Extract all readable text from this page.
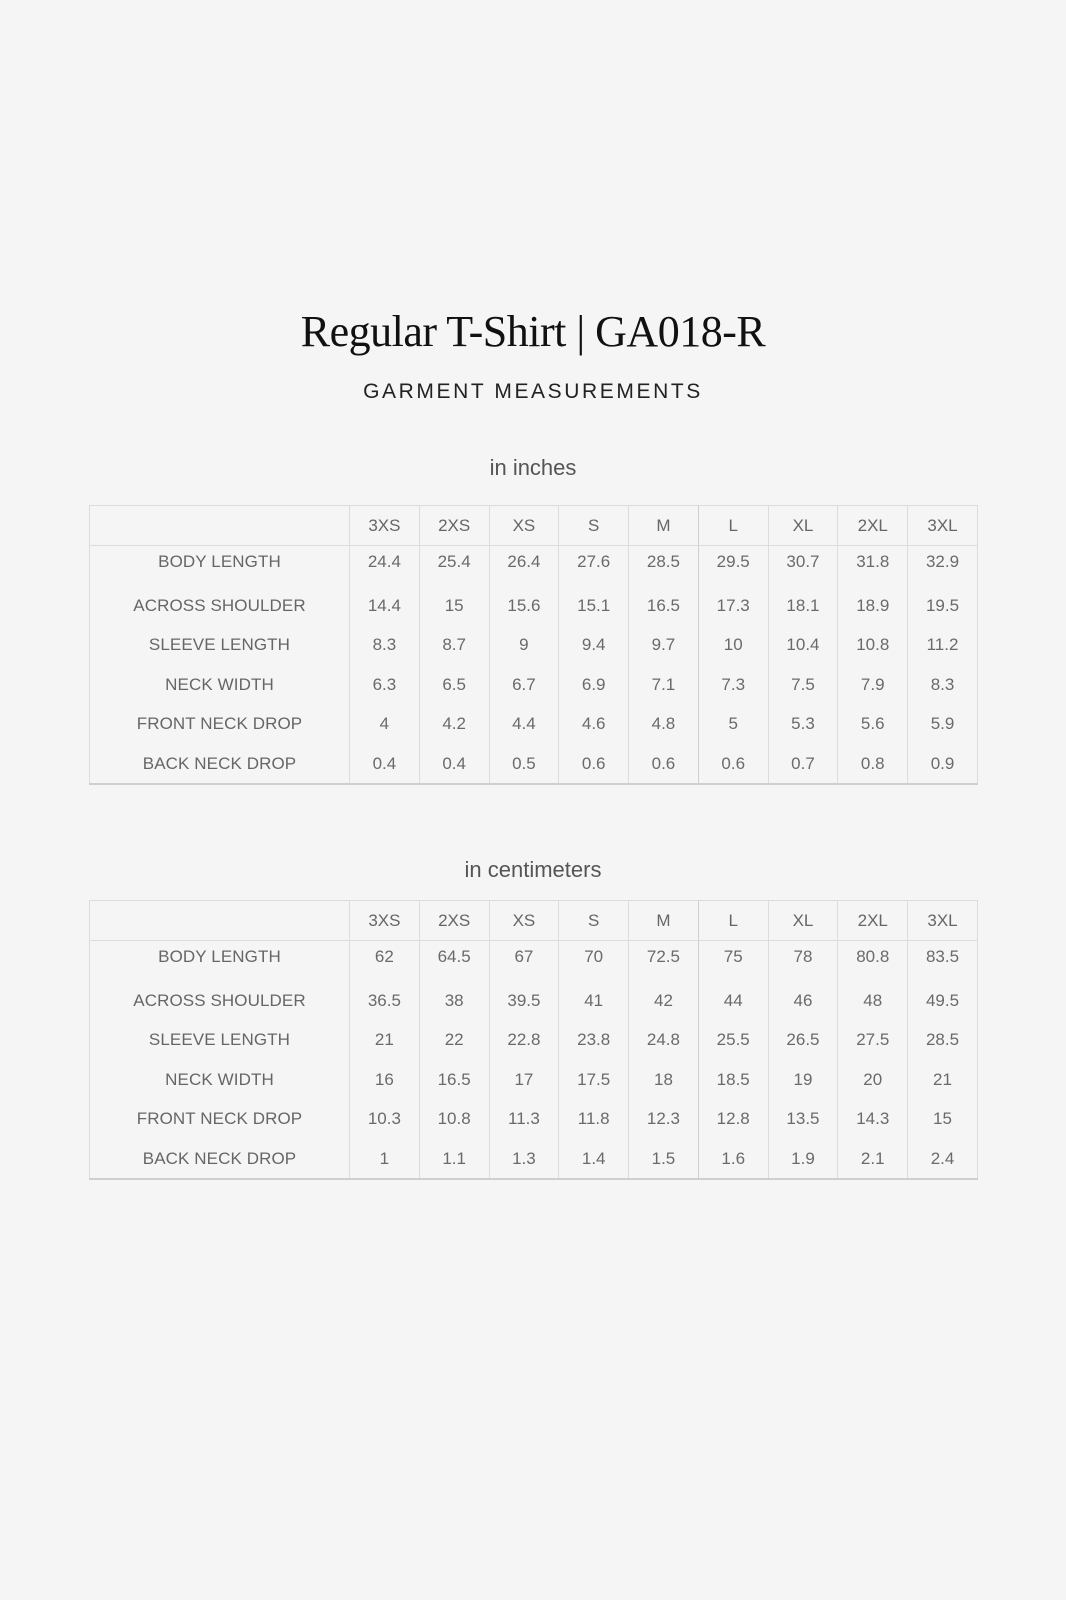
Regular T-Shirt | GA018-R
GARMENT MEASUREMENTS
in inches
	3XS	2XS	XS	S	M	L	XL	2XL	3XL
BODY LENGTH	24.4	25.4	26.4	27.6	28.5	29.5	30.7	31.8	32.9
ACROSS SHOULDER	14.4	15	15.6	15.1	16.5	17.3	18.1	18.9	19.5
SLEEVE LENGTH	8.3	8.7	9	9.4	9.7	10	10.4	10.8	11.2
NECK WIDTH	6.3	6.5	6.7	6.9	7.1	7.3	7.5	7.9	8.3
FRONT NECK DROP	4	4.2	4.4	4.6	4.8	5	5.3	5.6	5.9
BACK NECK DROP	0.4	0.4	0.5	0.6	0.6	0.6	0.7	0.8	0.9
in centimeters
	3XS	2XS	XS	S	M	L	XL	2XL	3XL
BODY LENGTH	62	64.5	67	70	72.5	75	78	80.8	83.5
ACROSS SHOULDER	36.5	38	39.5	41	42	44	46	48	49.5
SLEEVE LENGTH	21	22	22.8	23.8	24.8	25.5	26.5	27.5	28.5
NECK WIDTH	16	16.5	17	17.5	18	18.5	19	20	21
FRONT NECK DROP	10.3	10.8	11.3	11.8	12.3	12.8	13.5	14.3	15
BACK NECK DROP	1	1.1	1.3	1.4	1.5	1.6	1.9	2.1	2.4
